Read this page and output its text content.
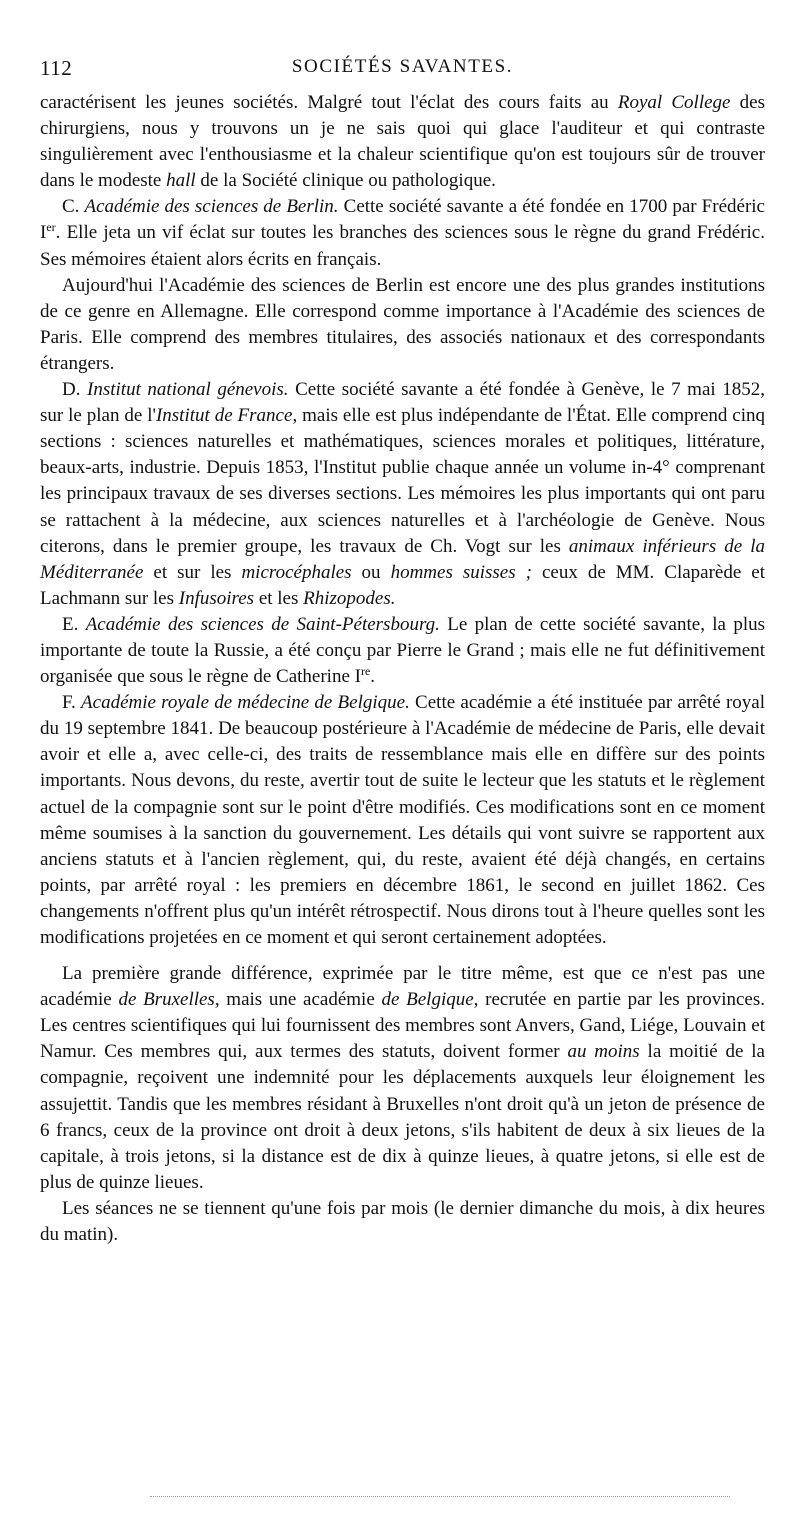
112	SOCIÉTÉS SAVANTES.

caractérisent les jeunes sociétés. Malgré tout l'éclat des cours faits au Royal College des chirurgiens, nous y trouvons un je ne sais quoi qui glace l'auditeur et qui contraste singulièrement avec l'enthousiasme et la chaleur scientifique qu'on est toujours sûr de trouver dans le modeste hall de la Société clinique ou pathologique.

C. Académie des sciences de Berlin. Cette société savante a été fondée en 1700 par Frédéric Ier. Elle jeta un vif éclat sur toutes les branches des sciences sous le règne du grand Frédéric. Ses mémoires étaient alors écrits en français.

Aujourd'hui l'Académie des sciences de Berlin est encore une des plus grandes institutions de ce genre en Allemagne. Elle correspond comme importance à l'Académie des sciences de Paris. Elle comprend des membres titulaires, des associés nationaux et des correspondants étrangers.

D. Institut national génevois. Cette société savante a été fondée à Genève, le 7 mai 1852, sur le plan de l'Institut de France, mais elle est plus indépendante de l'État. Elle comprend cinq sections : sciences naturelles et mathématiques, sciences morales et politiques, littérature, beaux-arts, industrie. Depuis 1853, l'Institut publie chaque année un volume in-4° comprenant les principaux travaux de ses diverses sections. Les mémoires les plus importants qui ont paru se rattachent à la médecine, aux sciences naturelles et à l'archéologie de Genève. Nous citerons, dans le premier groupe, les travaux de Ch. Vogt sur les animaux inférieurs de la Méditerranée et sur les microcéphales ou hommes suisses ; ceux de MM. Claparède et Lachmann sur les Infusoires et les Rhizopodes.

E. Académie des sciences de Saint-Pétersbourg. Le plan de cette société savante, la plus importante de toute la Russie, a été conçu par Pierre le Grand ; mais elle ne fut définitivement organisée que sous le règne de Catherine Ire.

F. Académie royale de médecine de Belgique. Cette académie a été instituée par arrêté royal du 19 septembre 1841. De beaucoup postérieure à l'Académie de médecine de Paris, elle devait avoir et elle a, avec celle-ci, des traits de ressemblance mais elle en diffère sur des points importants. Nous devons, du reste, avertir tout de suite le lecteur que les statuts et le règlement actuel de la compagnie sont sur le point d'être modifiés. Ces modifications sont en ce moment même soumises à la sanction du gouvernement. Les détails qui vont suivre se rapportent aux anciens statuts et à l'ancien règlement, qui, du reste, avaient été déjà changés, en certains points, par arrêté royal : les premiers en décembre 1861, le second en juillet 1862. Ces changements n'offrent plus qu'un intérêt rétrospectif. Nous dirons tout à l'heure quelles sont les modifications projetées en ce moment et qui seront certainement adoptées.

La première grande différence, exprimée par le titre même, est que ce n'est pas une académie de Bruxelles, mais une académie de Belgique, recrutée en partie par les provinces. Les centres scientifiques qui lui fournissent des membres sont Anvers, Gand, Liége, Louvain et Namur. Ces membres qui, aux termes des statuts, doivent former au moins la moitié de la compagnie, reçoivent une indemnité pour les déplacements auxquels leur éloignement les assujettit. Tandis que les membres résidant à Bruxelles n'ont droit qu'à un jeton de présence de 6 francs, ceux de la province ont droit à deux jetons, s'ils habitent de deux à six lieues de la capitale, à trois jetons, si la distance est de dix à quinze lieues, à quatre jetons, si elle est de plus de quinze lieues.

Les séances ne se tiennent qu'une fois par mois (le dernier dimanche du mois, à dix heures du matin).
